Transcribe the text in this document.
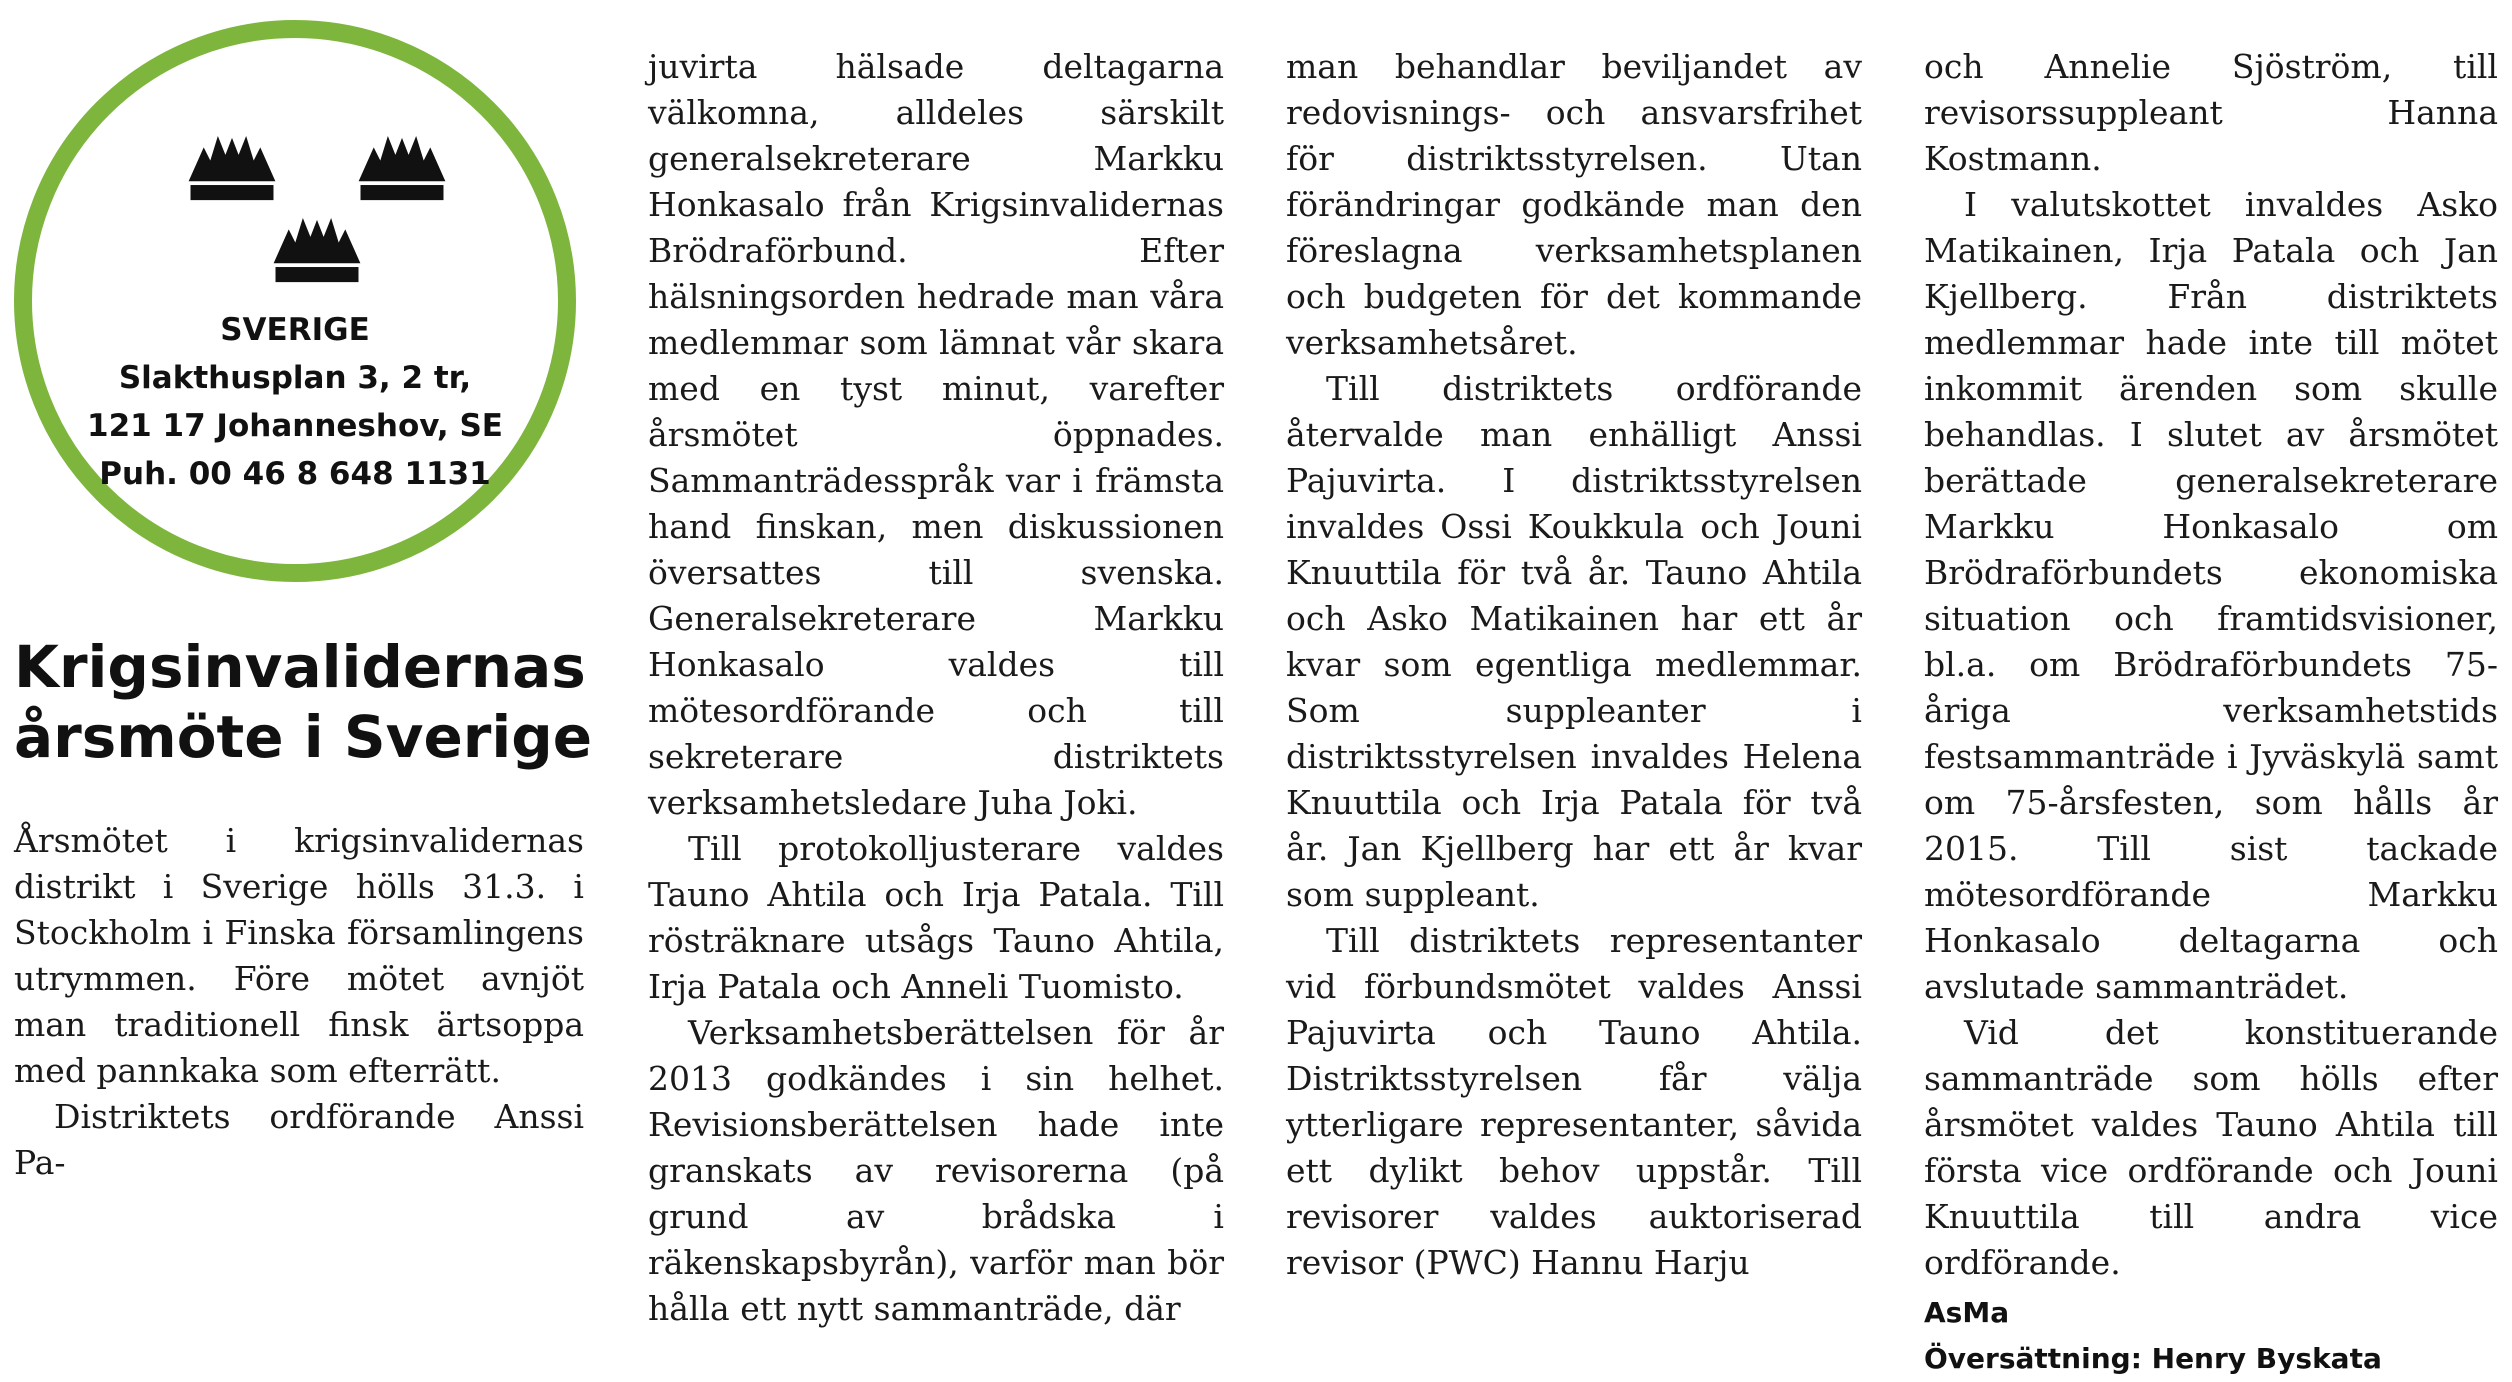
SVERIGE
Slakthusplan 3, 2 tr,
121 17 Johanneshov, SE
Puh. 00 46 8 648 1131
Krigsinvalidernas
årsmöte i Sverige

Årsmötet i krigsinvalidernas distrikt i Sverige hölls 31.3. i Stockholm i Finska församlingens utrymmen. Före mötet avnjöt man traditionell finsk ärtsoppa med pannkaka som efterrätt.

Distriktets ordförande Anssi Pa-

juvirta hälsade deltagarna välkomna, alldeles särskilt generalsekreterare Markku Honkasalo från Krigsinvalidernas Brödraförbund. Efter hälsningsorden hedrade man våra medlemmar som lämnat vår skara med en tyst minut, varefter årsmötet öppnades. Sammanträdesspråk var i främsta hand finskan, men diskussionen översattes till svenska. Generalsekreterare Markku Honkasalo valdes till mötesordförande och till sekreterare distriktets verksamhetsledare Juha Joki.

Till protokolljusterare valdes Tauno Ahtila och Irja Patala. Till rösträknare utsågs Tauno Ahtila, Irja Patala och Anneli Tuomisto.

Verksamhetsberättelsen för år 2013 godkändes i sin helhet. Revisionsberättelsen hade inte granskats av revisorerna (på grund av brådska i räkenskapsbyrån), varför man bör hålla ett nytt sammanträde, där

man behandlar beviljandet av redovisnings- och ansvarsfrihet för distriktsstyrelsen. Utan förändringar godkände man den föreslagna verksamhetsplanen och budgeten för det kommande verksamhetsåret.

Till distriktets ordförande återvalde man enhälligt Anssi Pajuvirta. I distriktsstyrelsen invaldes Ossi Koukkula och Jouni Knuuttila för två år. Tauno Ahtila och Asko Matikainen har ett år kvar som egentliga medlemmar. Som suppleanter i distriktsstyrelsen invaldes Helena Knuuttila och Irja Patala för två år. Jan Kjellberg har ett år kvar som suppleant.

Till distriktets representanter vid förbundsmötet valdes Anssi Pajuvirta och Tauno Ahtila. Distriktsstyrelsen får välja ytterligare representanter, såvida ett dylikt behov uppstår. Till revisorer valdes auktoriserad revisor (PWC) Hannu Harju

och Annelie Sjöström, till revisorssuppleant Hanna Kostmann.

I valutskottet invaldes Asko Matikainen, Irja Patala och Jan Kjellberg. Från distriktets medlemmar hade inte till mötet inkommit ärenden som skulle behandlas. I slutet av årsmötet berättade generalsekreterare Markku Honkasalo om Brödraförbundets ekonomiska situation och framtidsvisioner, bl.a. om Brödraförbundets 75-åriga verksamhetstids festsammanträde i Jyväskylä samt om 75-årsfesten, som hålls år 2015. Till sist tackade mötesordförande Markku Honkasalo deltagarna och avslutade sammanträdet.

Vid det konstituerande sammanträde som hölls efter årsmötet valdes Tauno Ahtila till första vice ordförande och Jouni Knuuttila till andra vice ordförande.

AsMa
Översättning: Henry Byskata
